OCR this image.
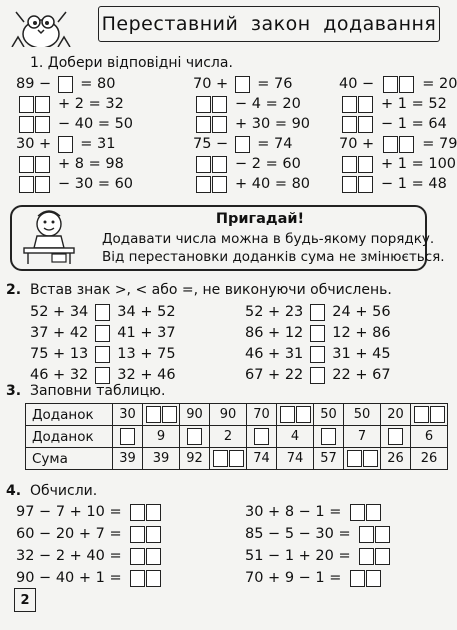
Переставний закон додавання
1. Добери відповідні числа.
89 − = 80
+ 2 = 32
− 40 = 50
30 + = 31
+ 8 = 98
− 30 = 60
70 + = 76
− 4 = 20
+ 30 = 90
75 − = 74
− 2 = 60
+ 40 = 80
40 −	= 20
+ 1 = 52
− 1 = 64
70 +	= 79
+ 1 = 100
− 1 = 48
Пригадай!
Додавати числа можна в будь-якому порядку.
Від перестановки доданків сума не змінюється.
2. Встав знак >, < або =, не виконуючи обчислень.
52 + 34 34 + 52
37 + 42 41 + 37
75 + 13 13 + 75
46 + 32 32 + 46
52 + 23 24 + 56
86 + 12 12 + 86
46 + 31 31 + 45
67 + 22 22 + 67
3. Заповни таблицю.
Доданок	30		90	90	70		50	50	20	

Доданок		9		2		4		7		6
Сума	39	39	92		74	74	57		26	26
4. Обчисли.
97 − 7 + 10 =
60 − 20 + 7 =
32 − 2 + 40 =
90 − 40 + 1 =
30 + 8 − 1 =
85 − 5 − 30 =
51 − 1 + 20 =
70 + 9 − 1 =
2
